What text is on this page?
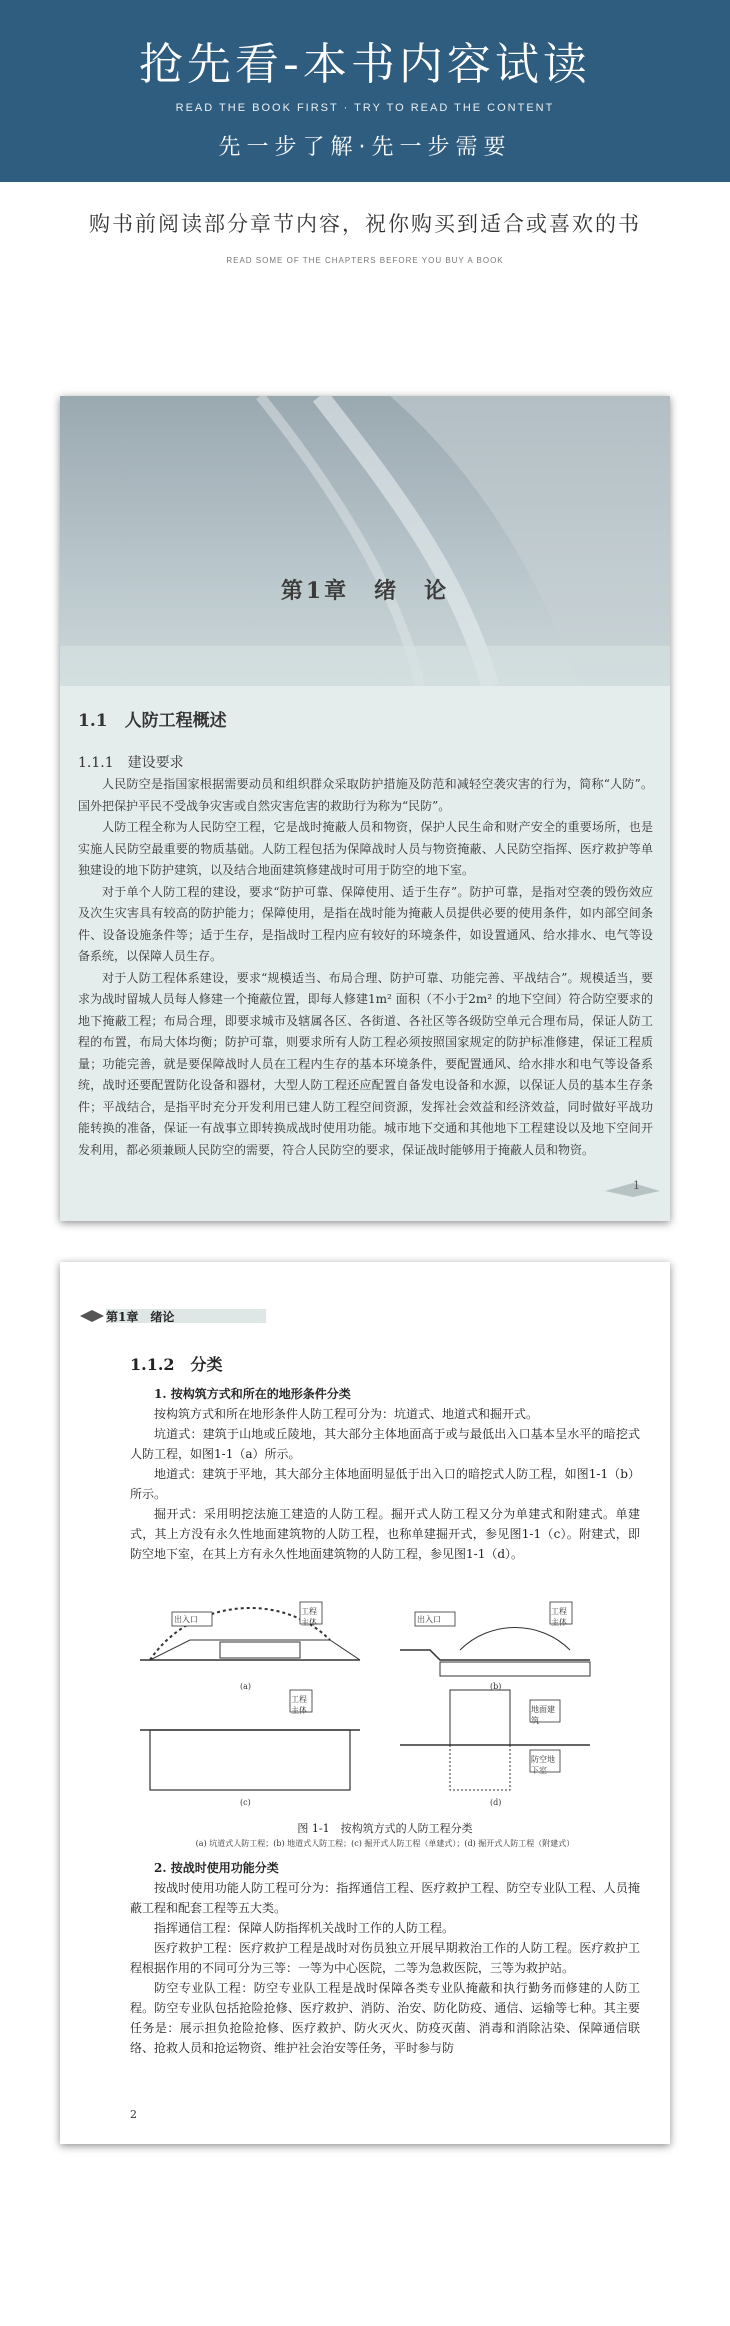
抢先看-本书内容试读
READ THE BOOK FIRST · TRY TO READ THE CONTENT
先一步了解·先一步需要
购书前阅读部分章节内容，祝你购买到适合或喜欢的书
READ SOME OF THE CHAPTERS BEFORE YOU BUY A BOOK
第1章　绪　论
1.1　人防工程概述
1.1.1　建设要求

人民防空是指国家根据需要动员和组织群众采取防护措施及防范和减轻空袭灾害的行为，简称“人防”。国外把保护平民不受战争灾害或自然灾害危害的救助行为称为“民防”。

人防工程全称为人民防空工程，它是战时掩蔽人员和物资，保护人民生命和财产安全的重要场所，也是实施人民防空最重要的物质基础。人防工程包括为保障战时人员与物资掩蔽、人民防空指挥、医疗救护等单独建设的地下防护建筑，以及结合地面建筑修建战时可用于防空的地下室。

对于单个人防工程的建设，要求“防护可靠、保障使用、适于生存”。防护可靠，是指对空袭的毁伤效应及次生灾害具有较高的防护能力；保障使用，是指在战时能为掩蔽人员提供必要的使用条件，如内部空间条件、设备设施条件等；适于生存，是指战时工程内应有较好的环境条件，如设置通风、给水排水、电气等设备系统，以保障人员生存。

对于人防工程体系建设，要求“规模适当、布局合理、防护可靠、功能完善、平战结合”。规模适当，要求为战时留城人员每人修建一个掩蔽位置，即每人修建1m² 面积（不小于2m² 的地下空间）符合防空要求的地下掩蔽工程；布局合理，即要求城市及辖属各区、各街道、各社区等各级防空单元合理布局，保证人防工程的布置，布局大体均衡；防护可靠，则要求所有人防工程必须按照国家规定的防护标准修建，保证工程质量；功能完善，就是要保障战时人员在工程内生存的基本环境条件，要配置通风、给水排水和电气等设备系统，战时还要配置防化设备和器材，大型人防工程还应配置自备发电设备和水源，以保证人员的基本生存条件；平战结合，是指平时充分开发利用已建人防工程空间资源，发挥社会效益和经济效益，同时做好平战功能转换的准备，保证一有战事立即转换成战时使用功能。城市地下交通和其他地下工程建设以及地下空间开发利用，都必须兼顾人民防空的需要，符合人民防空的要求，保证战时能够用于掩蔽人员和物资。

1
第1章　绪论
1.1.2　分类

1. 按构筑方式和所在的地形条件分类

按构筑方式和所在地形条件人防工程可分为：坑道式、地道式和掘开式。

坑道式：建筑于山地或丘陵地，其大部分主体地面高于或与最低出入口基本呈水平的暗挖式人防工程，如图1-1（a）所示。

地道式：建筑于平地，其大部分主体地面明显低于出入口的暗挖式人防工程，如图1-1（b）所示。

掘开式：采用明挖法施工建造的人防工程。掘开式人防工程又分为单建式和附建式。单建式，其上方没有永久性地面建筑物的人防工程，也称单建掘开式，参见图1-1（c）。附建式，即防空地下室，在其上方有永久性地面建筑物的人防工程，参见图1-1（d）。

出入口
工程主体	出入口
工程主体
工程主体	地面建筑
防空地下室
(a)	(b)
(c)	(d)
图 1-1　按构筑方式的人防工程分类
(a) 坑道式人防工程；(b) 地道式人防工程；(c) 掘开式人防工程（单建式）；(d) 掘开式人防工程（附建式）

2. 按战时使用功能分类

按战时使用功能人防工程可分为：指挥通信工程、医疗救护工程、防空专业队工程、人员掩蔽工程和配套工程等五大类。

指挥通信工程：保障人防指挥机关战时工作的人防工程。

医疗救护工程：医疗救护工程是战时对伤员独立开展早期救治工作的人防工程。医疗救护工程根据作用的不同可分为三等：一等为中心医院，二等为急救医院，三等为救护站。

防空专业队工程：防空专业队工程是战时保障各类专业队掩蔽和执行勤务而修建的人防工程。防空专业队包括抢险抢修、医疗救护、消防、治安、防化防疫、通信、运输等七种。其主要任务是：展示担负抢险抢修、医疗救护、防火灭火、防疫灭菌、消毒和消除沾染、保障通信联络、抢救人员和抢运物资、维护社会治安等任务，平时参与防

2
